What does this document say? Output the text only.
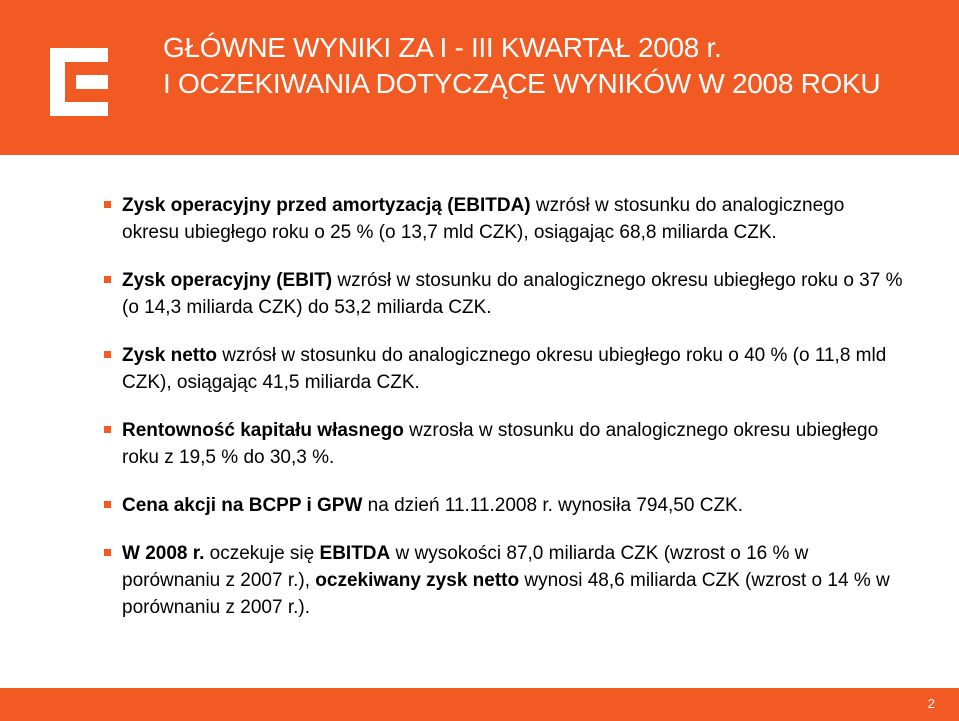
GŁÓWNE WYNIKI ZA I - III KWARTAŁ 2008 r.
I OCZEKIWANIA DOTYCZĄCE WYNIKÓW W 2008 ROKU
Zysk operacyjny przed amortyzacją (EBITDA) wzrósł w stosunku do analogicznego okresu ubiegłego roku o 25 % (o 13,7 mld CZK), osiągając 68,8 miliarda CZK.
Zysk operacyjny (EBIT) wzrósł w stosunku do analogicznego okresu ubiegłego roku o 37 % (o 14,3 miliarda CZK) do 53,2 miliarda CZK.
Zysk netto wzrósł w stosunku do analogicznego okresu ubiegłego roku o 40 % (o 11,8 mld CZK), osiągając 41,5 miliarda CZK.
Rentowność kapitału własnego wzrosła w stosunku do analogicznego okresu ubiegłego roku z 19,5 % do 30,3 %.
Cena akcji na BCPP i GPW na dzień 11.11.2008 r. wynosiła 794,50 CZK.
W 2008 r. oczekuje się EBITDA w wysokości 87,0 miliarda CZK (wzrost o 16 % w porównaniu z 2007 r.), oczekiwany zysk netto wynosi 48,6 miliarda CZK (wzrost o 14 % w porównaniu z 2007 r.).
2
